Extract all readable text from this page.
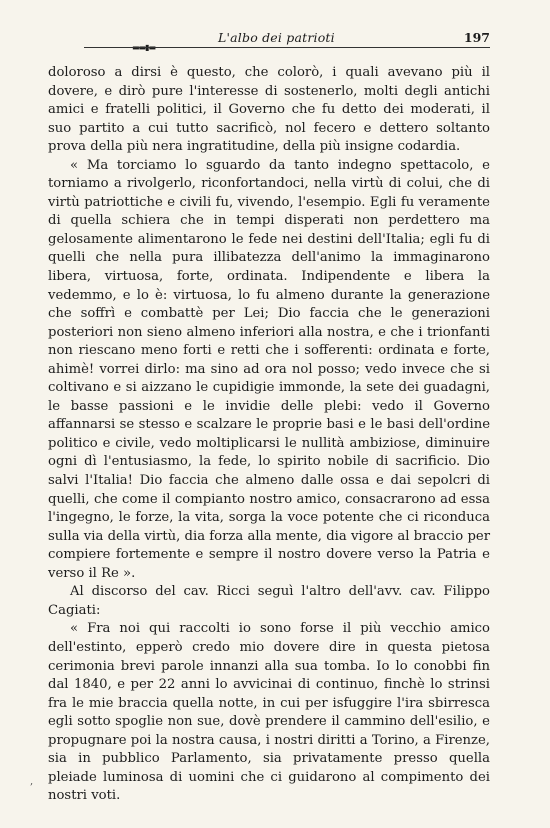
▬▬▮▬
L'albo dei patrioti	197

doloroso a dirsi è questo, che colorò, i quali avevano più il dovere, e dirò pure l'interesse di sostenerlo, molti degli antichi amici e fratelli politici, il Governo che fu detto dei moderati, il suo partito a cui tutto sacrificò, nol fecero e dettero soltanto prova della più nera ingratitudine, della più insigne codardia.

« Ma torciamo lo sguardo da tanto indegno spettacolo, e torniamo a rivolgerlo, riconfortandoci, nella virtù di colui, che di virtù patriottiche e civili fu, vivendo, l'esempio. Egli fu veramente di quella schiera che in tempi disperati non perdettero ma gelosamente alimentarono le fede nei destini dell'Italia; egli fu di quelli che nella pura illibatezza dell'animo la immaginarono libera, virtuosa, forte, ordinata. Indipendente e libera la vedemmo, e lo è: virtuosa, lo fu almeno durante la generazione che soffrì e combattè per Lei; Dio faccia che le generazioni posteriori non sieno almeno inferiori alla nostra, e che i trionfanti non riescano meno forti e retti che i sofferenti: ordinata e forte, ahimè! vorrei dirlo: ma sino ad ora nol posso; vedo invece che si coltivano e si aizzano le cupidigie immonde, la sete dei guadagni, le basse passioni e le invidie delle plebi: vedo il Governo affannarsi se stesso e scalzare le proprie basi e le basi dell'ordine politico e civile, vedo moltiplicarsi le nullità ambiziose, diminuire ogni dì l'entusiasmo, la fede, lo spirito nobile di sacrificio. Dio salvi l'Italia! Dio faccia che almeno dalle ossa e dai sepolcri di quelli, che come il compianto nostro amico, consacrarono ad essa l'ingegno, le forze, la vita, sorga la voce potente che ci riconduca sulla via della virtù, dia forza alla mente, dia vigore al braccio per compiere fortemente e sempre il nostro dovere verso la Patria e verso il Re ».

Al discorso del cav. Ricci seguì l'altro dell'avv. cav. Filippo Cagiati:

« Fra noi qui raccolti io sono forse il più vecchio amico dell'estinto, epperò credo mio dovere dire in questa pietosa cerimonia brevi parole innanzi alla sua tomba. Io lo conobbi fin dal 1840, e per 22 anni lo avvicinai di continuo, finchè lo strinsi fra le mie braccia quella notte, in cui per isfuggire l'ira sbirresca egli sotto spoglie non sue, dovè prendere il cammino dell'esilio, e propugnare poi la nostra causa, i nostri diritti a Torino, a Firenze, sia in pubblico Parlamento, sia privatamente presso quella pleiade luminosa di uomini che ci guidarono al compimento dei nostri voti.

,
